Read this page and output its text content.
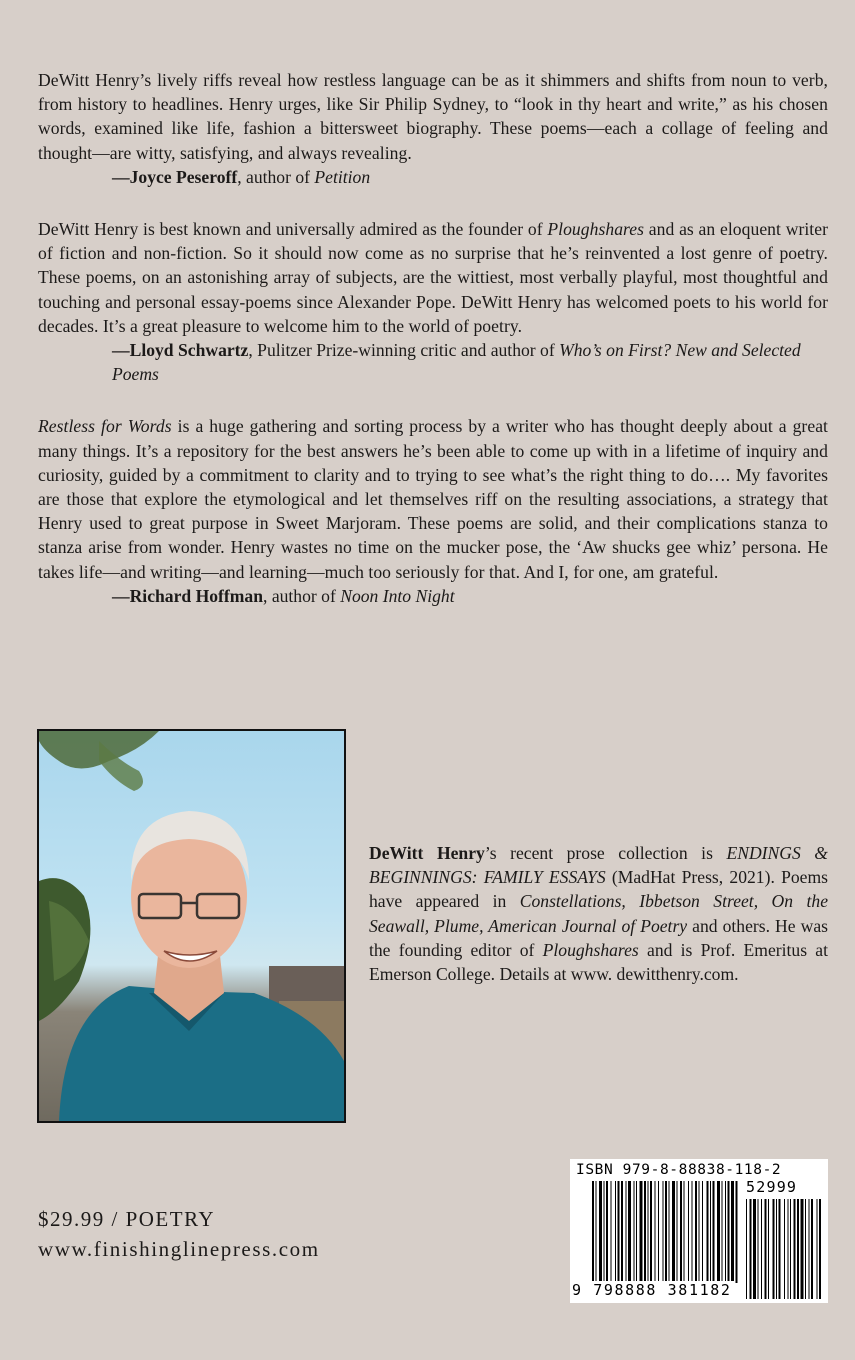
DeWitt Henry’s lively riffs reveal how restless language can be as it shimmers and shifts from noun to verb, from history to headlines. Henry urges, like Sir Philip Sydney, to “look in thy heart and write,” as his chosen words, examined like life, fashion a bittersweet biography. These poems—each a collage of feeling and thought—are witty, satisfying, and always revealing.

—Joyce Peseroff, author of Petition

DeWitt Henry is best known and universally admired as the founder of Ploughshares and as an eloquent writer of fiction and non-fiction. So it should now come as no surprise that he’s reinvented a lost genre of poetry. These poems, on an astonishing array of subjects, are the wittiest, most verbally playful, most thoughtful and touching and personal essay-poems since Alexander Pope. DeWitt Henry has welcomed poets to his world for decades. It’s a great pleasure to welcome him to the world of poetry.

—Lloyd Schwartz, Pulitzer Prize-winning critic and author of Who’s on First? New and Selected Poems

Restless for Words is a huge gathering and sorting process by a writer who has thought deeply about a great many things. It’s a repository for the best answers he’s been able to come up with in a lifetime of inquiry and curiosity, guided by a commitment to clarity and to trying to see what’s the right thing to do…. My favorites are those that explore the etymological and let themselves riff on the resulting associations, a strategy that Henry used to great purpose in Sweet Marjoram. These poems are solid, and their complications stanza to stanza arise from wonder. Henry wastes no time on the mucker pose, the ‘Aw shucks gee whiz’ persona. He takes life—and writing—and learning—much too seriously for that. And I, for one, am grateful.

—Richard Hoffman, author of Noon Into Night

DeWitt Henry’s recent prose collection is ENDINGS & BEGINNINGS: FAMILY ESSAYS (MadHat Press, 2021). Poems have appeared in Constellations, Ibbetson Street, On the Seawall, Plume, American Journal of Poetry and others. He was the founding editor of Ploughshares and is Prof. Emeritus at Emerson College. Details at www. dewitthenry.com.

$29.99 / POETRY
www.finishinglinepress.com
ISBN 979-8-88838-118-2
52999
9 798888 381182
